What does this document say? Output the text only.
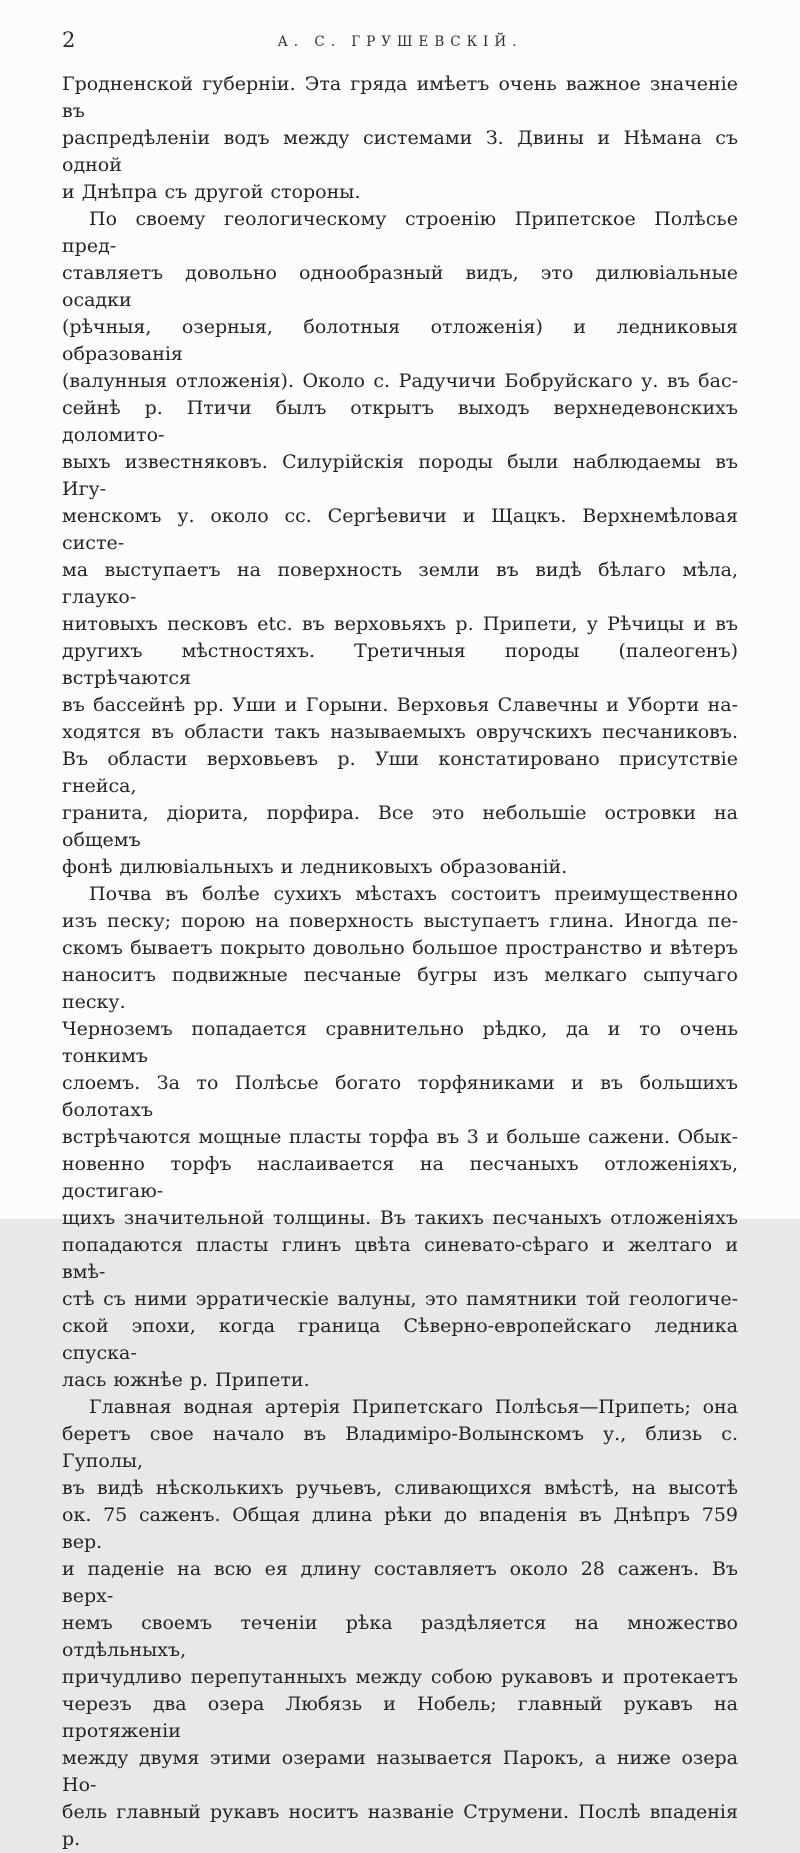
2	А. С. ГРУШЕВСКІЙ.
Гродненской губерніи. Эта гряда имѣетъ очень важное значеніе въ
распредѣленіи водъ между системами З. Двины и Нѣмана съ одной
и Днѣпра съ другой стороны.
По своему геологическому строенію Припетское Полѣсье пред-
ставляетъ довольно однообразный видъ, это дилювіальные осадки
(рѣчныя, озерныя, болотныя отложенія) и ледниковыя образованія
(валунныя отложенія). Около с. Радучичи Бобруйскаго у. въ бас-
сейнѣ р. Птичи былъ открытъ выходъ верхнедевонскихъ доломито-
выхъ известняковъ. Силурійскія породы были наблюдаемы въ Игу-
менскомъ у. около сс. Сергѣевичи и Щацкъ. Верхнемѣловая систе-
ма выступаетъ на поверхность земли въ видѣ бѣлаго мѣла, глауко-
нитовыхъ песковъ etc. въ верховьяхъ р. Припети, у Рѣчицы и въ
другихъ мѣстностяхъ. Третичныя породы (палеогенъ) встрѣчаются
въ бассейнѣ рр. Уши и Горыни. Верховья Славечны и Уборти на-
ходятся въ области такъ называемыхъ овручскихъ песчаниковъ.
Въ области верховьевъ р. Уши констатировано присутствіе гнейса,
гранита, діорита, порфира. Все это небольшіе островки на общемъ
фонѣ дилювіальныхъ и ледниковыхъ образованій.
Почва въ болѣе сухихъ мѣстахъ состоитъ преимущественно
изъ песку; порою на поверхность выступаетъ глина. Иногда пе-
скомъ бываетъ покрыто довольно большое пространство и вѣтеръ
наноситъ подвижные песчаные бугры изъ мелкаго сыпучаго песку.
Черноземъ попадается сравнительно рѣдко, да и то очень тонкимъ
слоемъ. За то Полѣсье богато торфяниками и въ большихъ болотахъ
встрѣчаются мощные пласты торфа въ 3 и больше сажени. Обык-
новенно торфъ наслаивается на песчаныхъ отложеніяхъ, достигаю-
щихъ значительной толщины. Въ такихъ песчаныхъ отложеніяхъ
попадаются пласты глинъ цвѣта синевато-сѣраго и желтаго и вмѣ-
стѣ съ ними эрратическіе валуны, это памятники той геологиче-
ской эпохи, когда граница Сѣверно-европейскаго ледника спуска-
лась южнѣе р. Припети.
Главная водная артерія Припетскаго Полѣсья—Припеть; она
беретъ свое начало въ Владиміро-Волынскомъ у., близь с. Гуполы,
въ видѣ нѣсколькихъ ручьевъ, сливающихся вмѣстѣ, на высотѣ
ок. 75 саженъ. Общая длина рѣки до впаденія въ Днѣпръ 759 вер.
и паденіе на всю ея длину составляетъ около 28 саженъ. Въ верх-
немъ своемъ теченіи рѣка раздѣляется на множество отдѣльныхъ,
причудливо перепутанныхъ между собою рукавовъ и протекаетъ
черезъ два озера Любязь и Нобель; главный рукавъ на протяженіи
между двумя этими озерами называется Парокъ, а ниже озера Но-
бель главный рукавъ носитъ названіе Струмени. Послѣ впаденія р.
